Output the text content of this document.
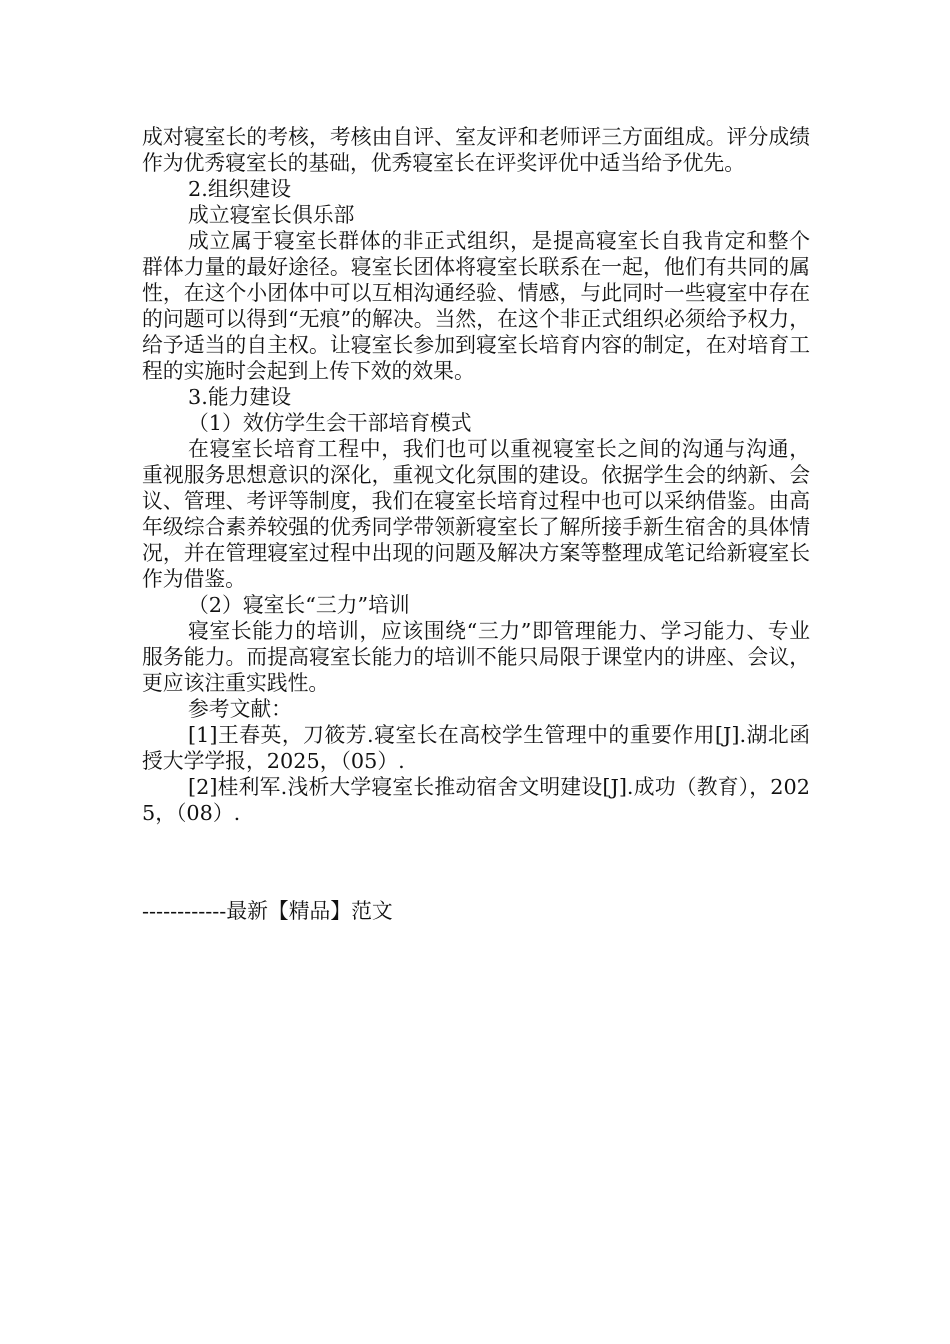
成对寝室长的考核，考核由自评、室友评和老师评三方面组成。评分成绩作为优秀寝室长的基础，优秀寝室长在评奖评优中适当给予优先。

2.组织建设

成立寝室长俱乐部

成立属于寝室长群体的非正式组织，是提高寝室长自我肯定和整个群体力量的最好途径。寝室长团体将寝室长联系在一起，他们有共同的属性，在这个小团体中可以互相沟通经验、情感，与此同时一些寝室中存在的问题可以得到“无痕”的解决。当然，在这个非正式组织必须给予权力，给予适当的自主权。让寝室长参加到寝室长培育内容的制定，在对培育工程的实施时会起到上传下效的效果。

3.能力建设

（1）效仿学生会干部培育模式

在寝室长培育工程中，我们也可以重视寝室长之间的沟通与沟通，重视服务思想意识的深化，重视文化氛围的建设。依据学生会的纳新、会议、管理、考评等制度，我们在寝室长培育过程中也可以采纳借鉴。由高年级综合素养较强的优秀同学带领新寝室长了解所接手新生宿舍的具体情况，并在管理寝室过程中出现的问题及解决方案等整理成笔记给新寝室长作为借鉴。

（2）寝室长“三力”培训

寝室长能力的培训，应该围绕“三力”即管理能力、学习能力、专业服务能力。而提高寝室长能力的培训不能只局限于课堂内的讲座、会议，更应该注重实践性。

参考文献：

[1]王春英，刀筱芳.寝室长在高校学生管理中的重要作用[J].湖北函授大学学报，2025，（05）.

[2]桂利军.浅析大学寝室长推动宿舍文明建设[J].成功（教育），2025，（08）.

------------最新【精品】范文
